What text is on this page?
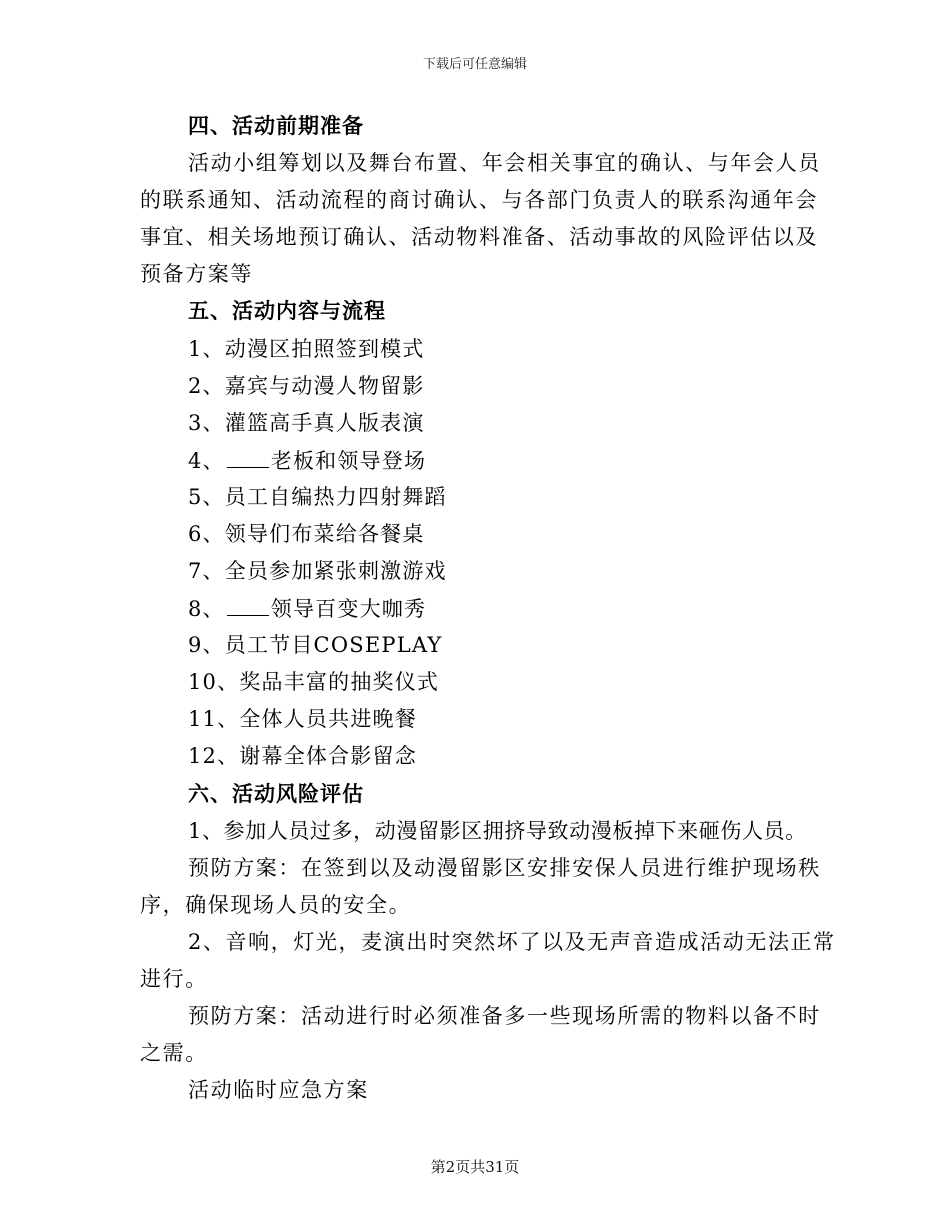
下载后可任意编辑
四、活动前期准备
活动小组筹划以及舞台布置、年会相关事宜的确认、与年会人员
的联系通知、活动流程的商讨确认、与各部门负责人的联系沟通年会
事宜、相关场地预订确认、活动物料准备、活动事故的风险评估以及
预备方案等
五、活动内容与流程
1、动漫区拍照签到模式
2、嘉宾与动漫人物留影
3、灌篮高手真人版表演
4、 老板和领导登场
5、员工自编热力四射舞蹈
6、领导们布菜给各餐桌
7、全员参加紧张刺激游戏
8、 领导百变大咖秀
9、员工节目COSEPLAY
10、奖品丰富的抽奖仪式
11、全体人员共进晚餐
12、谢幕全体合影留念
六、活动风险评估
1、参加人员过多，动漫留影区拥挤导致动漫板掉下来砸伤人员。
预防方案：在签到以及动漫留影区安排安保人员进行维护现场秩
序，确保现场人员的安全。
2、音响，灯光，麦演出时突然坏了以及无声音造成活动无法正常
进行。
预防方案：活动进行时必须准备多一些现场所需的物料以备不时
之需。
活动临时应急方案
第2页共31页
